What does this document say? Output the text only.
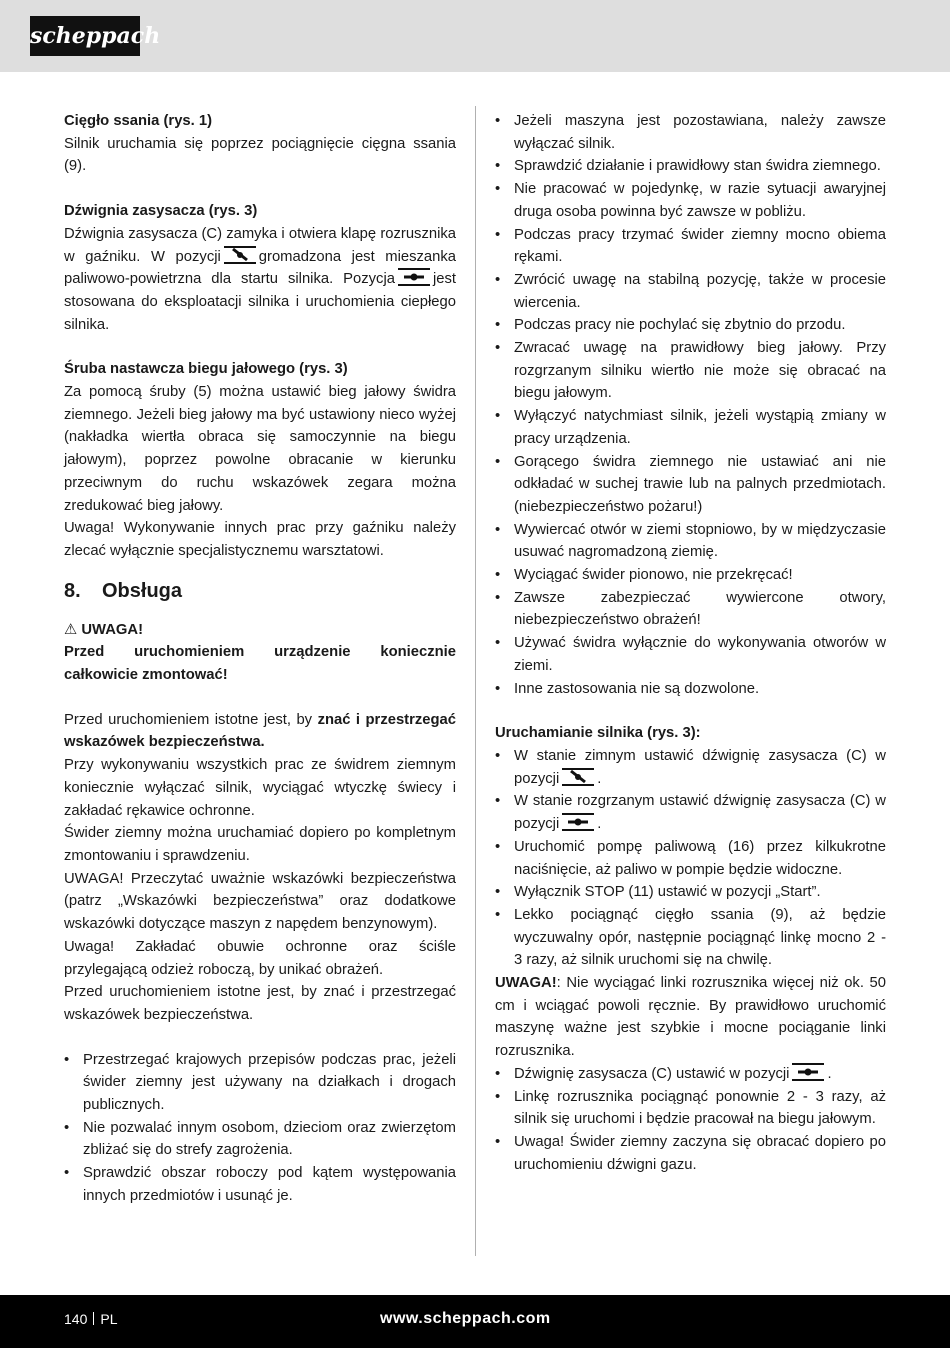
scheppach

Cięgło ssania (rys. 1)

Silnik uruchamia się poprzez pociągnięcie cięgna ssania (9).

Dźwignia zasysacza (rys. 3)

Dźwignia zasysacza (C) zamyka i otwiera klapę rozrusznika w gaźniku. W pozycji	gromadzona jest mieszanka paliwowo-powietrzna dla startu silnika. Pozycja	jest stosowana do eksploatacji silnika i uruchomienia ciepłego silnika.

Śruba nastawcza biegu jałowego (rys. 3)

Za pomocą śruby (5) można ustawić bieg jałowy świdra ziemnego. Jeżeli bieg jałowy ma być ustawiony nieco wyżej (nakładka wiertła obraca się samoczynnie na biegu jałowym), poprzez powolne obracanie w kierunku przeciwnym do ruchu wskazówek zegara można zredukować bieg jałowy.

Uwaga! Wykonywanie innych prac przy gaźniku należy zlecać wyłącznie specjalistycznemu warsztatowi.

8. Obsługa

⚠ UWAGA!

Przed uruchomieniem urządzenie koniecznie całkowicie zmontować!

Przed uruchomieniem istotne jest, by znać i przestrzegać wskazówek bezpieczeństwa.

Przy wykonywaniu wszystkich prac ze świdrem ziemnym koniecznie wyłączać silnik, wyciągać wtyczkę świecy i zakładać rękawice ochronne.

Świder ziemny można uruchamiać dopiero po kompletnym zmontowaniu i sprawdzeniu.

UWAGA! Przeczytać uważnie wskazówki bezpieczeństwa (patrz „Wskazówki bezpieczeństwa” oraz dodatkowe wskazówki dotyczące maszyn z napędem benzynowym).

Uwaga! Zakładać obuwie ochronne oraz ściśle przylegającą odzież roboczą, by unikać obrażeń.

Przed uruchomieniem istotne jest, by znać i przestrzegać wskazówek bezpieczeństwa.

• Przestrzegać krajowych przepisów podczas prac, jeżeli świder ziemny jest używany na działkach i drogach publicznych.
• Nie pozwalać innym osobom, dzieciom oraz zwierzętom zbliżać się do strefy zagrożenia.
• Sprawdzić obszar roboczy pod kątem występowania innych przedmiotów i usunąć je.
• Jeżeli maszyna jest pozostawiana, należy zawsze wyłączać silnik.
• Sprawdzić działanie i prawidłowy stan świdra ziemnego.
• Nie pracować w pojedynkę, w razie sytuacji awaryjnej druga osoba powinna być zawsze w pobliżu.
• Podczas pracy trzymać świder ziemny mocno obiema rękami.
• Zwrócić uwagę na stabilną pozycję, także w procesie wiercenia.
• Podczas pracy nie pochylać się zbytnio do przodu.
• Zwracać uwagę na prawidłowy bieg jałowy. Przy rozgrzanym silniku wiertło nie może się obracać na biegu jałowym.
• Wyłączyć natychmiast silnik, jeżeli wystąpią zmiany w pracy urządzenia.
• Gorącego świdra ziemnego nie ustawiać ani nie odkładać w suchej trawie lub na palnych przedmiotach. (niebezpieczeństwo pożaru!)
• Wywiercać otwór w ziemi stopniowo, by w międzyczasie usuwać nagromadzoną ziemię.
• Wyciągać świder pionowo, nie przekręcać!
• Zawsze zabezpieczać wywiercone otwory, niebezpieczeństwo obrażeń!
• Używać świdra wyłącznie do wykonywania otworów w ziemi.
• Inne zastosowania nie są dozwolone.

Uruchamianie silnika (rys. 3):

• W stanie zimnym ustawić dźwignię zasysacza (C) w pozycji	.
• W stanie rozgrzanym ustawić dźwignię zasysacza (C) w pozycji	.
• Uruchomić pompę paliwową (16) przez kilkukrotne naciśnięcie, aż paliwo w pompie będzie widoczne.
• Wyłącznik STOP (11) ustawić w pozycji „Start”.
• Lekko pociągnąć cięgło ssania (9), aż będzie wyczuwalny opór, następnie pociągnąć linkę mocno 2 - 3 razy, aż silnik uruchomi się na chwilę.

UWAGA!: Nie wyciągać linki rozrusznika więcej niż ok. 50 cm i wciągać powoli ręcznie. By prawidłowo uruchomić maszynę ważne jest szybkie i mocne pociąganie linki rozrusznika.

• Dźwignię zasysacza (C) ustawić w pozycji	.
• Linkę rozrusznika pociągnąć ponownie 2 - 3 razy, aż silnik się uruchomi i będzie pracował na biegu jałowym.
• Uwaga! Świder ziemny zaczyna się obracać dopiero po uruchomieniu dźwigni gazu.
140 PL	www.scheppach.com
